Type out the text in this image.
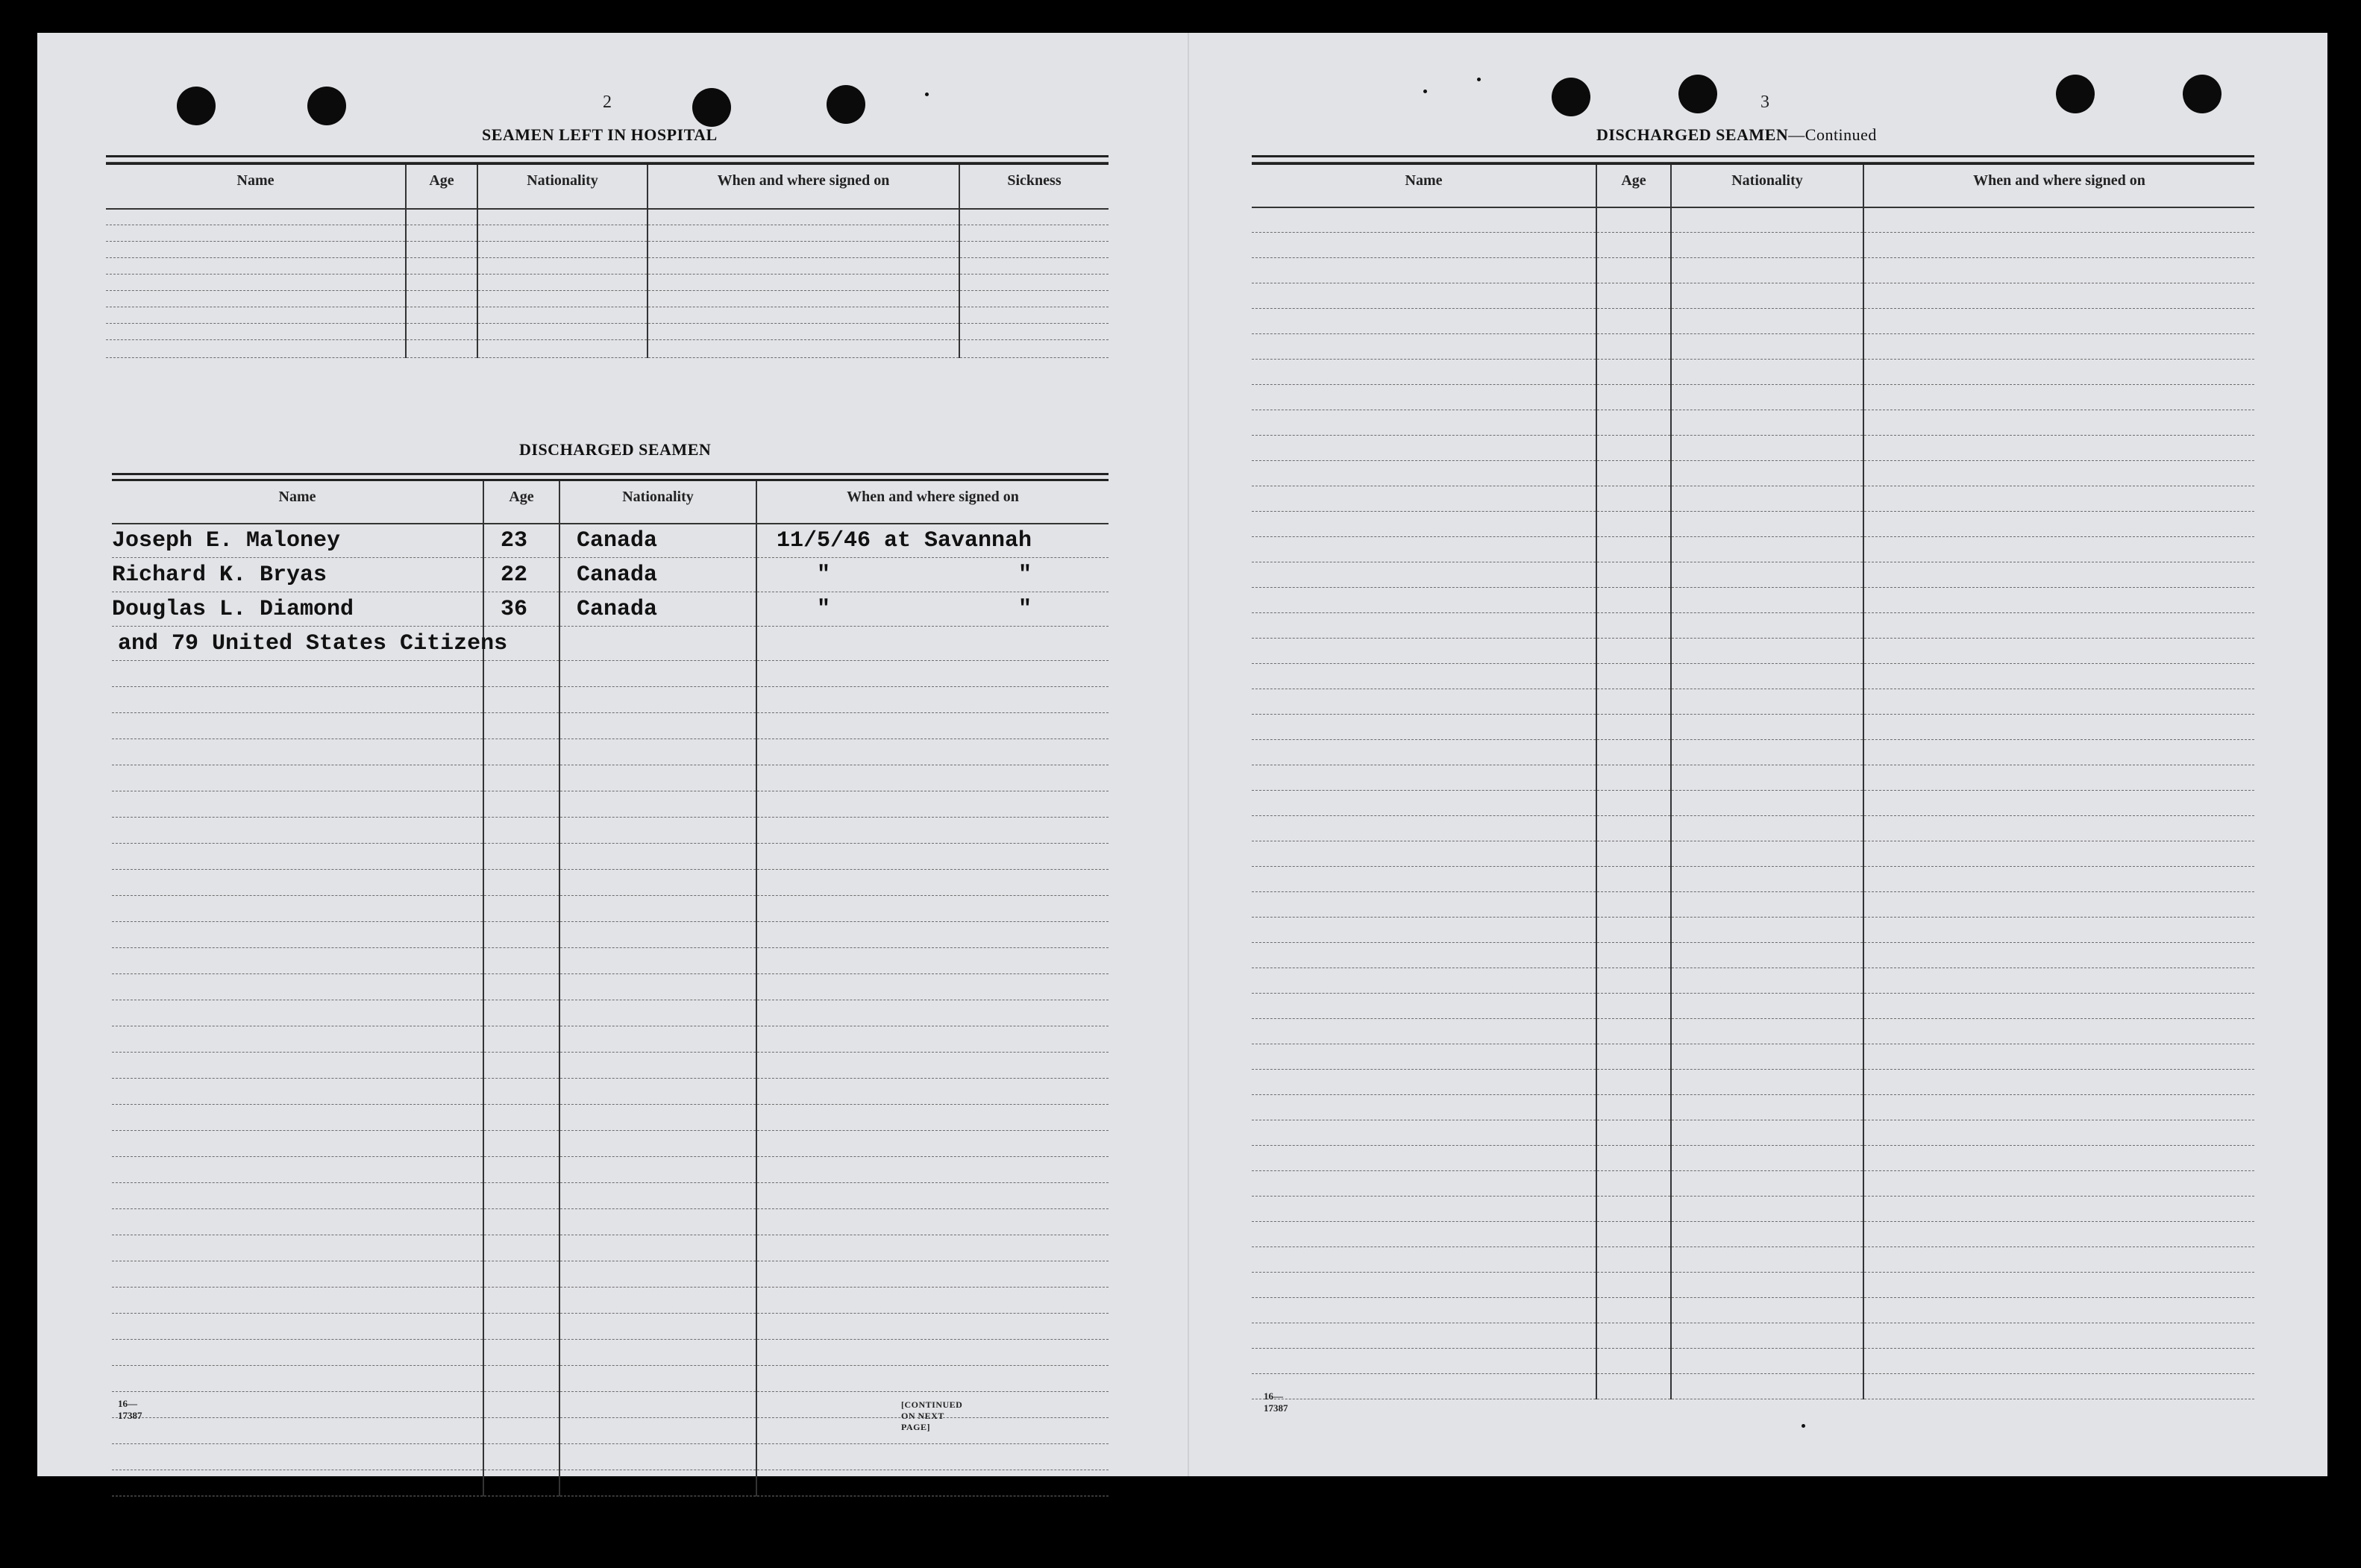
2
SEAMEN LEFT IN HOSPITAL
Name	Age	Nationality	When and where signed on	Sickness

DISCHARGED SEAMEN
Name	Age	Nationality	When and where signed on
Joseph E. Maloney	23	Canada	11/5/46 at Savannah
Richard K. Bryas	22	Canada	"              "
Douglas L. Diamond	36	Canada	"              "
and 79 United States Citizens			

16—17387
[CONTINUED ON NEXT PAGE]
3
DISCHARGED SEAMEN—Continued
Name	Age	Nationality	When and where signed on

16—17387
